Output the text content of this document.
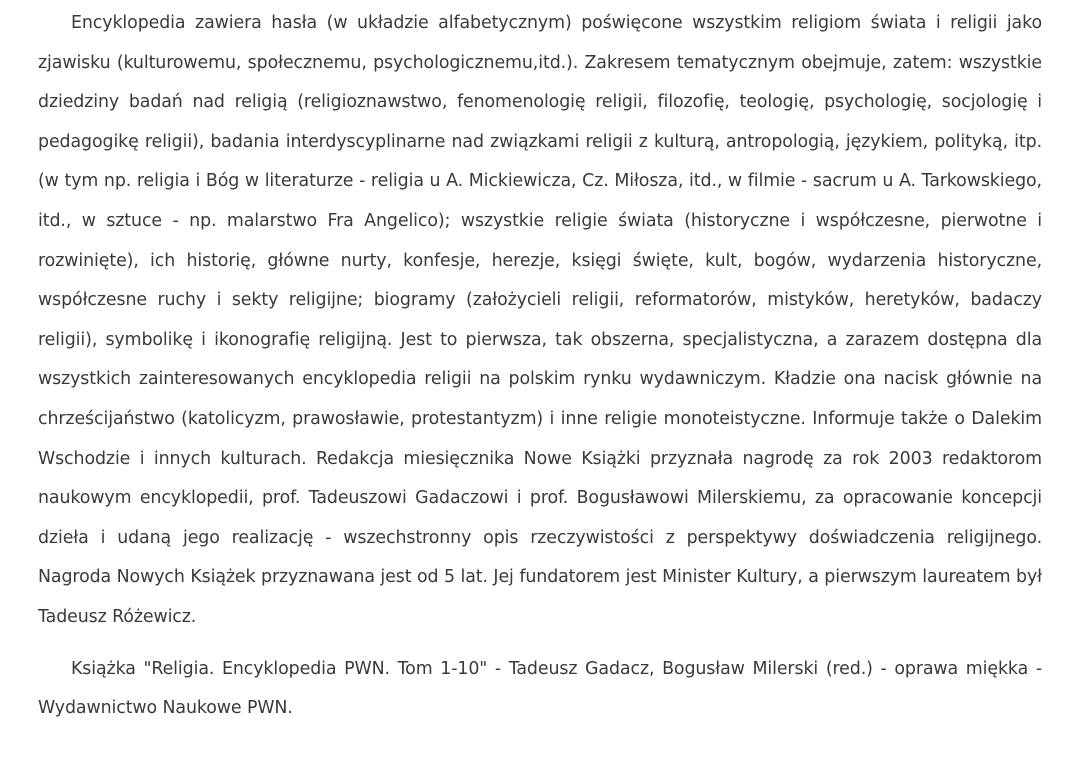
Encyklopedia zawiera hasła (w układzie alfabetycznym) poświęcone wszystkim religiom świata i religii jako zjawisku (kulturowemu, społecznemu, psychologicznemu,itd.). Zakresem tematycznym obejmuje, zatem: wszystkie dziedziny badań nad religią (religioznawstwo, fenomenologię religii, filozofię, teologię, psychologię, socjologię i pedagogikę religii), badania interdyscyplinarne nad związkami religii z kulturą, antropologią, językiem, polityką, itp.(w tym np. religia i Bóg w literaturze - religia u A. Mickiewicza, Cz. Miłosza, itd., w filmie - sacrum u A. Tarkowskiego, itd., w sztuce - np. malarstwo Fra Angelico); wszystkie religie świata (historyczne i współczesne, pierwotne i rozwinięte), ich historię, główne nurty, konfesje, herezje, księgi święte, kult, bogów, wydarzenia historyczne, współczesne ruchy i sekty religijne; biogramy (założycieli religii, reformatorów, mistyków, heretyków, badaczy religii), symbolikę i ikonografię religijną. Jest to pierwsza, tak obszerna, specjalistyczna, a zarazem dostępna dla wszystkich zainteresowanych encyklopedia religii na polskim rynku wydawniczym. Kładzie ona nacisk głównie na chrześcijaństwo (katolicyzm, prawosławie, protestantyzm) i inne religie monoteistyczne. Informuje także o Dalekim Wschodzie i innych kulturach. Redakcja miesięcznika Nowe Książki przyznała nagrodę za rok 2003 redaktorom naukowym encyklopedii, prof. Tadeuszowi Gadaczowi i prof. Bogusławowi Milerskiemu, za opracowanie koncepcji dzieła i udaną jego realizację - wszechstronny opis rzeczywistości z perspektywy doświadczenia religijnego. Nagroda Nowych Książek przyznawana jest od 5 lat. Jej fundatorem jest Minister Kultury, a pierwszym laureatem był Tadeusz Różewicz.

Książka "Religia. Encyklopedia PWN. Tom 1-10" - Tadeusz Gadacz, Bogusław Milerski (red.) - oprawa miękka - Wydawnictwo Naukowe PWN.
